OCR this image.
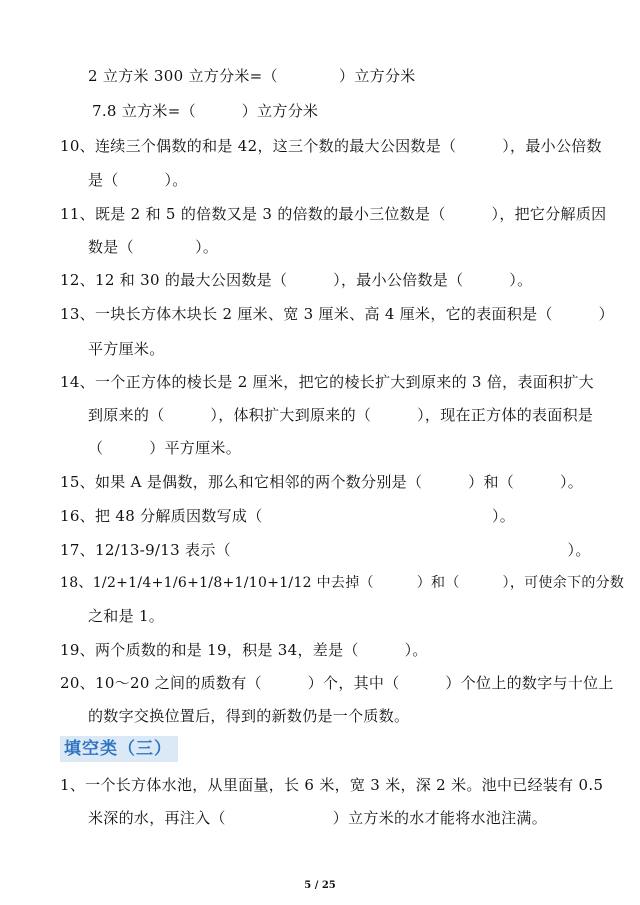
2 立方米 300 立方分米=（　　　　）立方分米
7.8 立方米=（　　　）立方分米
10、连续三个偶数的和是 42，这三个数的最大公因数是（　　　），最小公倍数
是（　　　）。
11、既是 2 和 5 的倍数又是 3 的倍数的最小三位数是（　　　），把它分解质因
数是（　　　　）。
12、12 和 30 的最大公因数是（　　　），最小公倍数是（　　　）。
13、一块长方体木块长 2 厘米、宽 3 厘米、高 4 厘米，它的表面积是（　　　）
平方厘米。
14、一个正方体的棱长是 2 厘米，把它的棱长扩大到原来的 3 倍，表面积扩大
到原来的（　　　），体积扩大到原来的（　　　），现在正方体的表面积是
（　　　）平方厘米。
15、如果 A 是偶数，那么和它相邻的两个数分别是（　　　）和（　　　）。
16、把 48 分解质因数写成（　　　　　　　　　　　　　　　）。
17、12/13-9/13 表示（　　　　　　　　　　　　　　　　　　　　　　）。
18、1/2+1/4+1/6+1/8+1/10+1/12 中去掉（　　　）和（　　　），可使余下的分数
之和是 1。
19、两个质数的和是 19，积是 34，差是（　　　）。
20、10～20 之间的质数有（　　　）个，其中（　　　）个位上的数字与十位上
的数字交换位置后，得到的新数仍是一个质数。
填空类（三）
1、一个长方体水池，从里面量，长 6 米，宽 3 米，深 2 米。池中已经装有 0.5
米深的水，再注入（　　　　　　　）立方米的水才能将水池注满。
5 / 25
